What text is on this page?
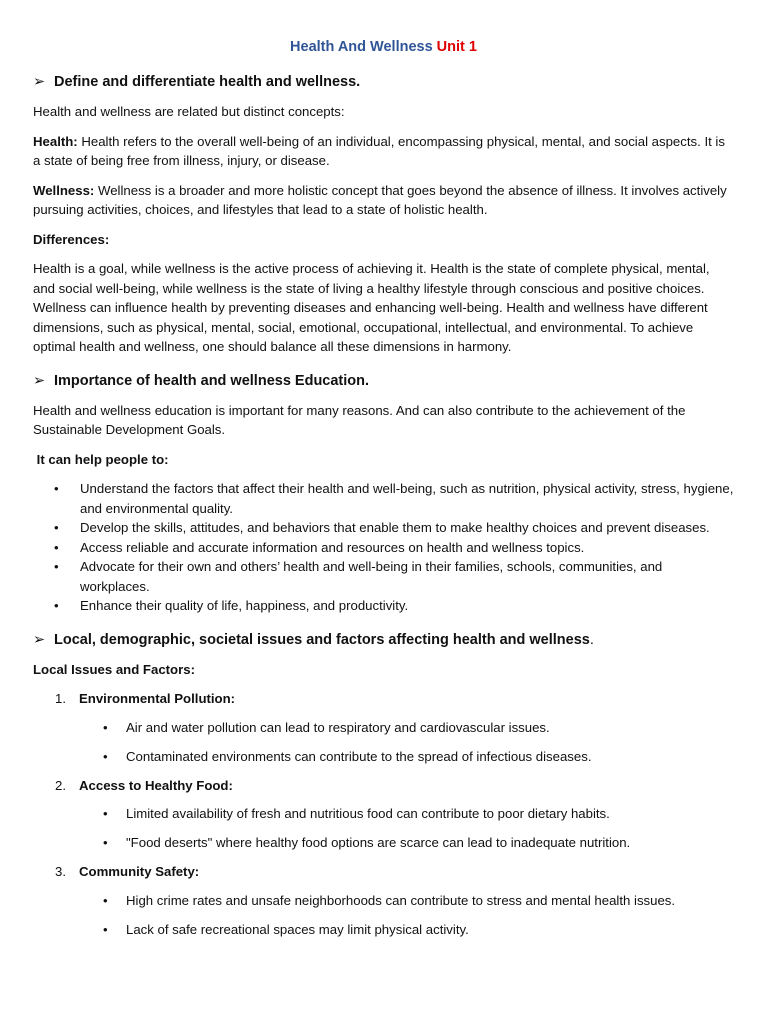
Health And Wellness Unit 1
➢ Define and differentiate health and wellness.

Health and wellness are related but distinct concepts:

Health: Health refers to the overall well-being of an individual, encompassing physical, mental, and social aspects. It is a state of being free from illness, injury, or disease.

Wellness: Wellness is a broader and more holistic concept that goes beyond the absence of illness. It involves actively pursuing activities, choices, and lifestyles that lead to a state of holistic health.

Differences:

Health is a goal, while wellness is the active process of achieving it. Health is the state of complete physical, mental, and social well-being, while wellness is the state of living a healthy lifestyle through conscious and positive choices. Wellness can influence health by preventing diseases and enhancing well-being. Health and wellness have different dimensions, such as physical, mental, social, emotional, occupational, intellectual, and environmental. To achieve optimal health and wellness, one should balance all these dimensions in harmony.

➢ Importance of health and wellness Education.

Health and wellness education is important for many reasons. And can also contribute to the achievement of the Sustainable Development Goals.

It can help people to:
• Understand the factors that affect their health and well-being, such as nutrition, physical activity, stress, hygiene, and environmental quality.
• Develop the skills, attitudes, and behaviors that enable them to make healthy choices and prevent diseases.
• Access reliable and accurate information and resources on health and wellness topics.
• Advocate for their own and others’ health and well-being in their families, schools, communities, and workplaces.
• Enhance their quality of life, happiness, and productivity.
➢ Local, demographic, societal issues and factors affecting health and wellness.
Local Issues and Factors:
1. Environmental Pollution:
• Air and water pollution can lead to respiratory and cardiovascular issues.
• Contaminated environments can contribute to the spread of infectious diseases.
2. Access to Healthy Food:
• Limited availability of fresh and nutritious food can contribute to poor dietary habits.
• "Food deserts" where healthy food options are scarce can lead to inadequate nutrition.
3. Community Safety:
• High crime rates and unsafe neighborhoods can contribute to stress and mental health issues.
• Lack of safe recreational spaces may limit physical activity.
